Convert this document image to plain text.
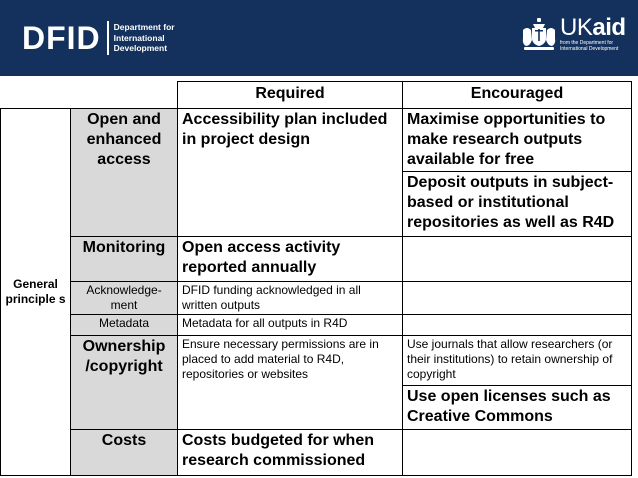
DFID Department for
International
Development
UKaid
from the Department for International Development
		Required	Encouraged
General principle s	Open and enhanced access	Accessibility plan included in project design	Maximise opportunities to make research outputs available for free
			Deposit outputs in subject-based or institutional repositories as well as R4D
	Monitoring	Open access activity reported annually	
	Acknowledge-ment	DFID funding acknowledged in all written outputs	
	Metadata	Metadata for all outputs in R4D	
	Ownership /copyright	Ensure necessary permissions are in placed to add material to R4D, repositories or websites	Use journals that allow researchers (or their institutions) to retain ownership of copyright
			Use open licenses such as Creative Commons
	Costs	Costs budgeted for when research commissioned	
